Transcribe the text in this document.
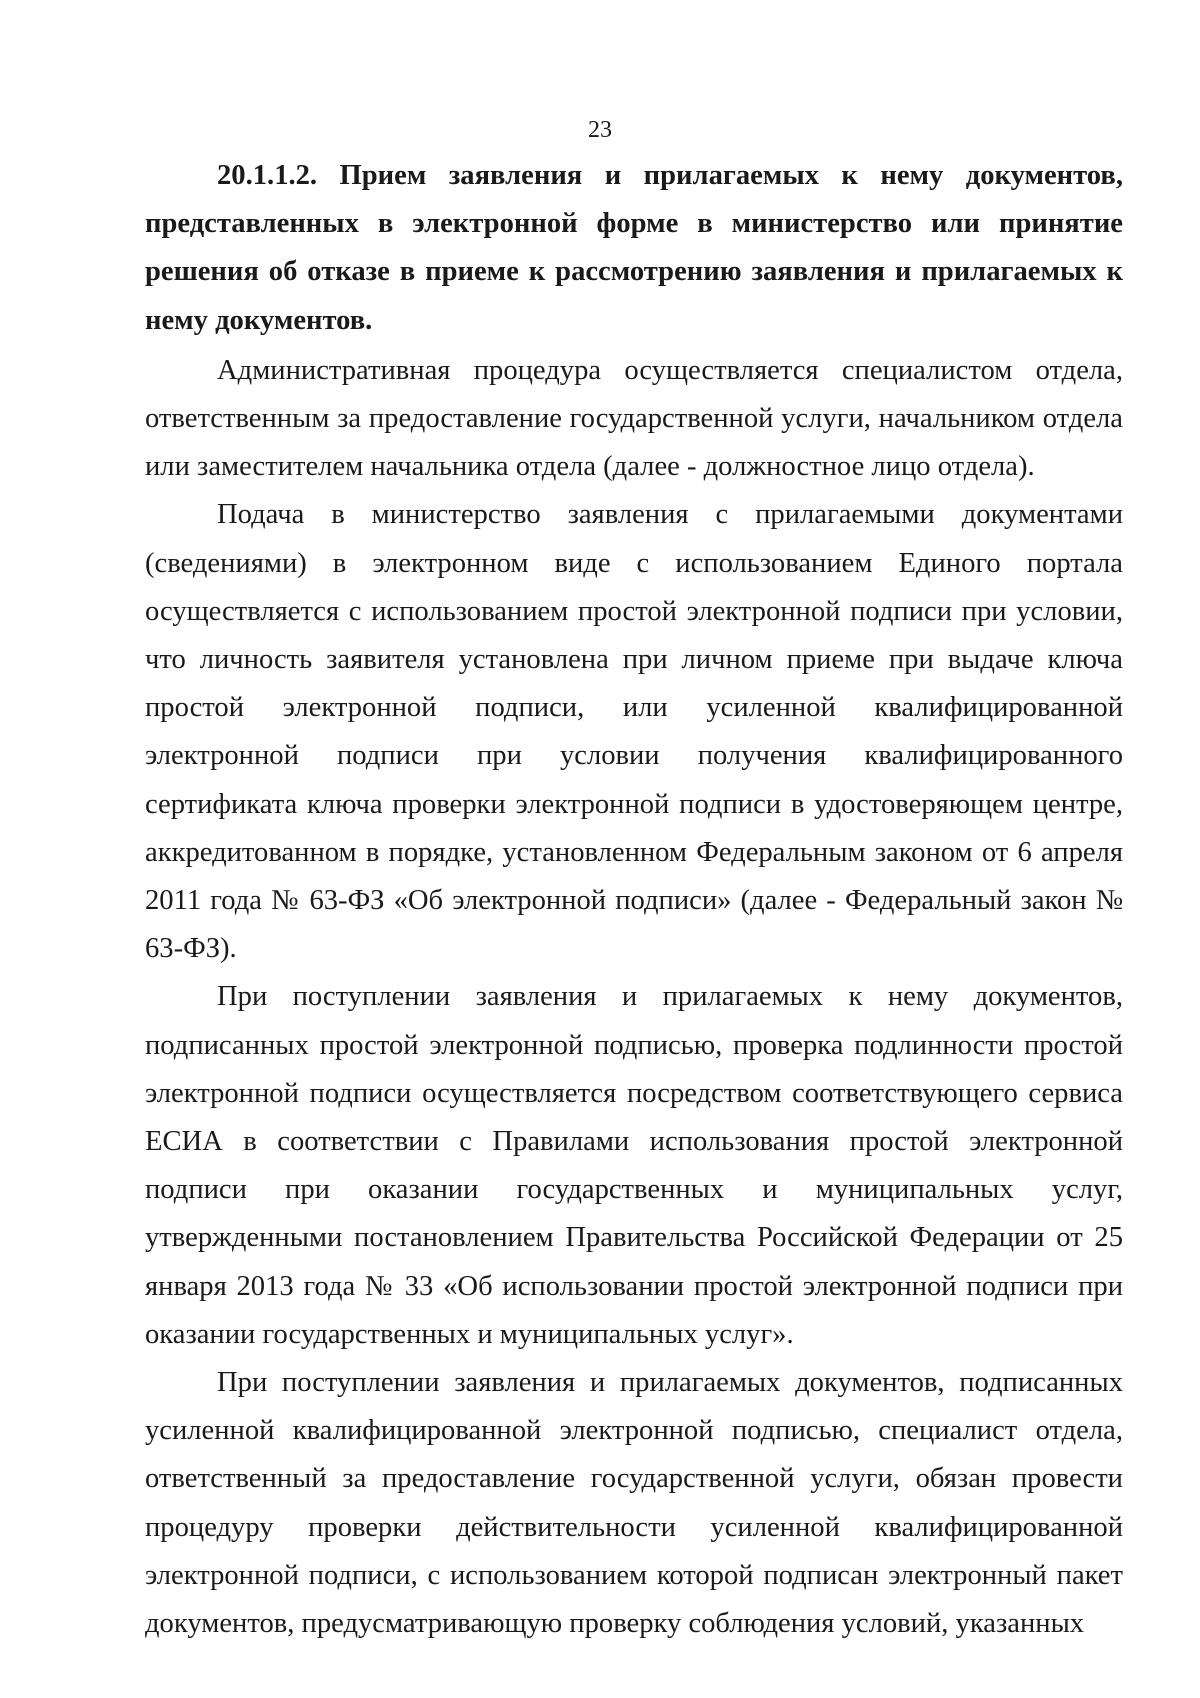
23

20.1.1.2. Прием заявления и прилагаемых к нему документов, представленных в электронной форме в министерство или принятие решения об отказе в приеме к рассмотрению заявления и прилагаемых к нему документов.

Административная процедура осуществляется специалистом отдела, ответственным за предоставление государственной услуги, начальником отдела или заместителем начальника отдела (далее - должностное лицо отдела).

Подача в министерство заявления с прилагаемыми документами (сведениями) в электронном виде с использованием Единого портала осуществляется с использованием простой электронной подписи при условии, что личность заявителя установлена при личном приеме при выдаче ключа простой электронной подписи, или усиленной квалифицированной электронной подписи при условии получения квалифицированного сертификата ключа проверки электронной подписи в удостоверяющем центре, аккредитованном в порядке, установленном Федеральным законом от 6 апреля 2011 года № 63-ФЗ «Об электронной подписи» (далее - Федеральный закон № 63-ФЗ).

При поступлении заявления и прилагаемых к нему документов, подписанных простой электронной подписью, проверка подлинности простой электронной подписи осуществляется посредством соответствующего сервиса ЕСИА в соответствии с Правилами использования простой электронной подписи при оказании государственных и муниципальных услуг, утвержденными постановлением Правительства Российской Федерации от 25 января 2013 года № 33 «Об использовании простой электронной подписи при оказании государственных и муниципальных услуг».

При поступлении заявления и прилагаемых документов, подписанных усиленной квалифицированной электронной подписью, специалист отдела, ответственный за предоставление государственной услуги, обязан провести процедуру проверки действительности усиленной квалифицированной электронной подписи, с использованием которой подписан электронный пакет документов, предусматривающую проверку соблюдения условий, указанных
